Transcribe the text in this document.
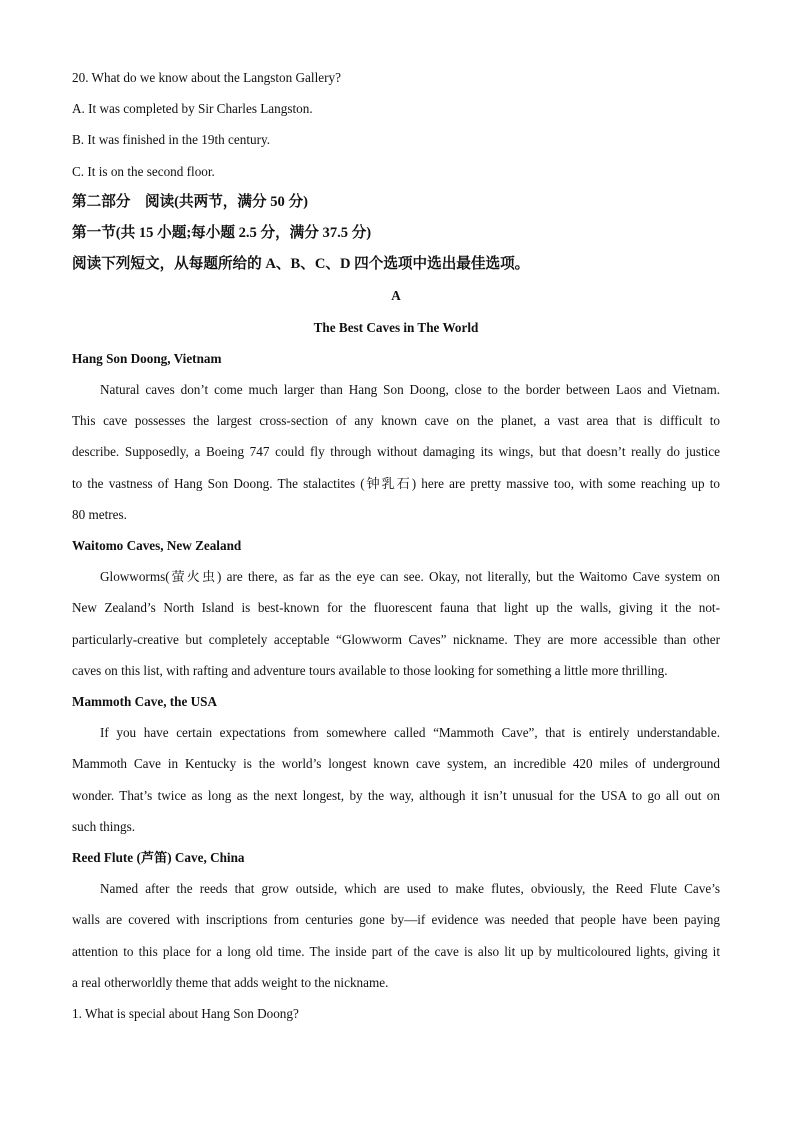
20. What do we know about the Langston Gallery?
A. It was completed by Sir Charles Langston.
B. It was finished in the 19th century.
C. It is on the second floor.
第二部分　阅读(共两节，满分 50 分)
第一节(共 15 小题;每小题 2.5 分，满分 37.5 分)
阅读下列短文，从每题所给的 A、B、C、D 四个选项中选出最佳选项。
A
The Best Caves in The World
Hang Son Doong, Vietnam
Natural caves don’t come much larger than Hang Son Doong, close to the border between Laos and Vietnam.
This cave possesses the largest cross-section of any known cave on the planet, a vast area that is difficult to
describe. Supposedly, a Boeing 747 could fly through without damaging its wings, but that doesn’t really do justice
to the vastness of Hang Son Doong. The stalactites (钟乳石) here are pretty massive too, with some reaching up to
80 metres.
Waitomo Caves, New Zealand
Glowworms(萤火虫) are there, as far as the eye can see. Okay, not literally, but the Waitomo Cave system on
New Zealand’s North Island is best-known for the fluorescent fauna that light up the walls, giving it the not-
particularly-creative but completely acceptable “Glowworm Caves” nickname. They are more accessible than other
caves on this list, with rafting and adventure tours available to those looking for something a little more thrilling.
Mammoth Cave, the USA
If you have certain expectations from somewhere called “Mammoth Cave”, that is entirely understandable.
Mammoth Cave in Kentucky is the world’s longest known cave system, an incredible 420 miles of underground
wonder. That’s twice as long as the next longest, by the way, although it isn’t unusual for the USA to go all out on
such things.
Reed Flute (芦笛) Cave, China
Named after the reeds that grow outside, which are used to make flutes, obviously, the Reed Flute Cave’s
walls are covered with inscriptions from centuries gone by—if evidence was needed that people have been paying
attention to this place for a long old time. The inside part of the cave is also lit up by multicoloured lights, giving it
a real otherworldly theme that adds weight to the nickname.
1. What is special about Hang Son Doong?
